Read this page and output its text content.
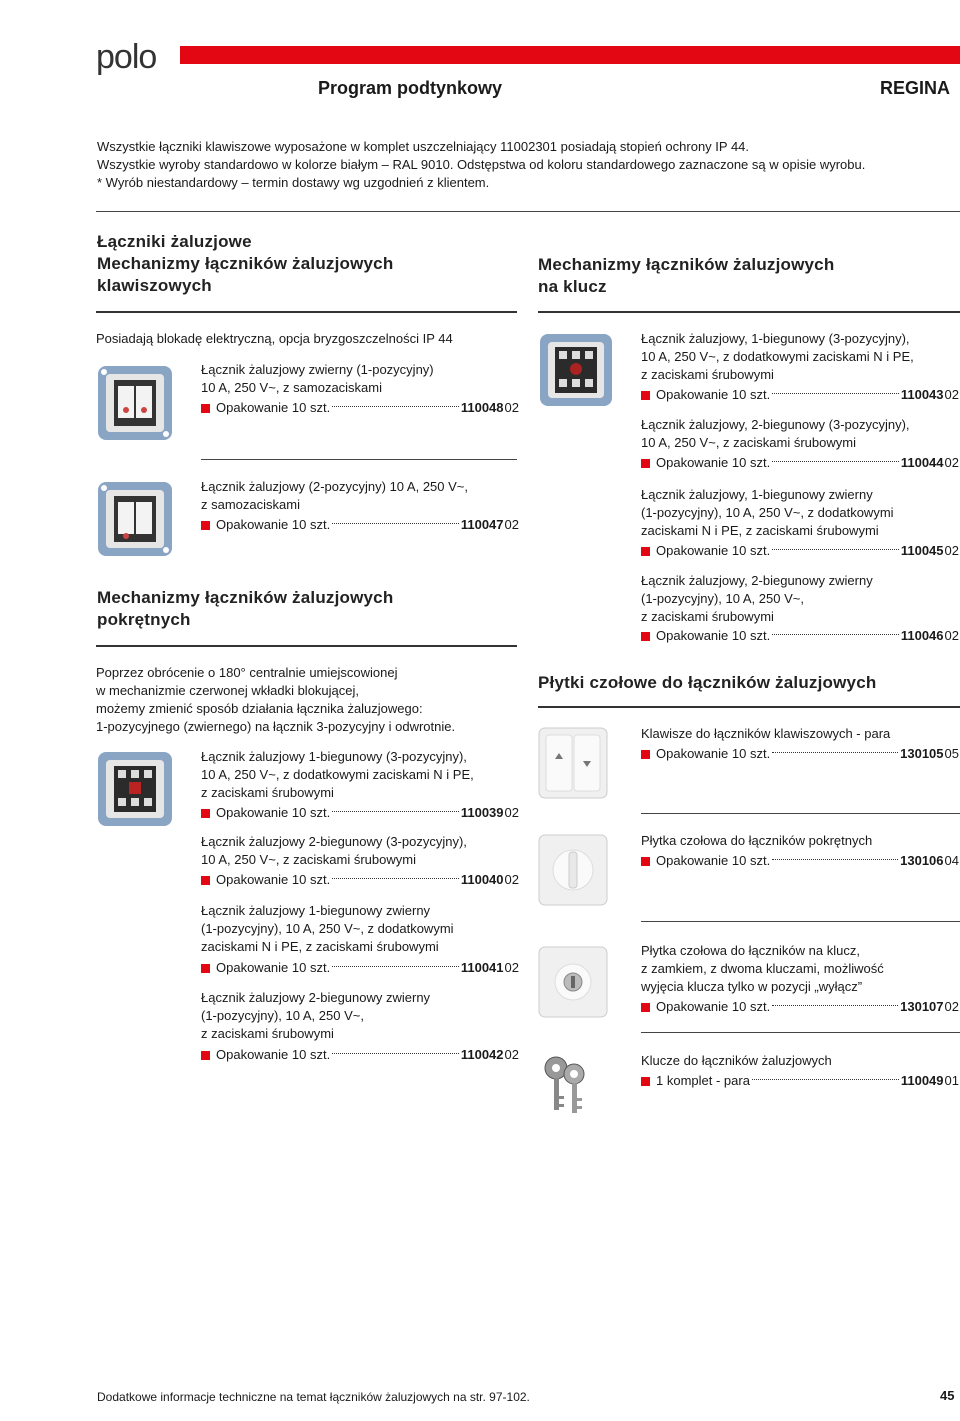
polo
Program podtynkowy	REGINA
Wszystkie łączniki klawiszowe wyposażone w komplet uszczelniający 11002301 posiadają stopień ochrony IP 44.
Wszystkie wyroby standardowo w kolorze białym – RAL 9010. Odstępstwa od koloru standardowego zaznaczone są w opisie wyrobu.
* Wyrób niestandardowy – termin dostawy wg uzgodnień z klientem.
Łączniki żaluzjowe
Mechanizmy łączników żaluzjowych
klawiszowych
Posiadają blokadę elektryczną, opcja bryzgoszczelności IP 44
Łącznik żaluzjowy zwierny (1-pozycyjny)
10 A, 250 V~, z samozaciskami
Opakowanie 10 szt.	110048 02
Łącznik żaluzjowy (2-pozycyjny) 10 A, 250 V~,
z samozaciskami
Opakowanie 10 szt.	110047 02
Mechanizmy łączników żaluzjowych
pokrętnych
Poprzez obrócenie o 180° centralnie umiejscowionej
w mechanizmie czerwonej wkładki blokującej,
możemy zmienić sposób działania łącznika żaluzjowego:
1-pozycyjnego (zwiernego) na łącznik 3-pozycyjny i odwrotnie.
Łącznik żaluzjowy 1-biegunowy (3-pozycyjny),
10 A, 250 V~, z dodatkowymi zaciskami N i PE,
z zaciskami śrubowymi
Opakowanie 10 szt.	110039 02
Łącznik żaluzjowy 2-biegunowy (3-pozycyjny),
10 A, 250 V~, z zaciskami śrubowymi
Opakowanie 10 szt.	110040 02
Łącznik żaluzjowy 1-biegunowy zwierny
(1-pozycyjny), 10 A, 250 V~, z dodatkowymi
zaciskami N i PE, z zaciskami śrubowymi
Opakowanie 10 szt.	110041 02
Łącznik żaluzjowy 2-biegunowy zwierny
(1-pozycyjny), 10 A, 250 V~,
z zaciskami śrubowymi
Opakowanie 10 szt.	110042 02
Mechanizmy łączników żaluzjowych
na klucz
Łącznik żaluzjowy, 1-biegunowy (3-pozycyjny),
10 A, 250 V~, z dodatkowymi zaciskami N i PE,
z zaciskami śrubowymi
Opakowanie 10 szt.	110043 02
Łącznik żaluzjowy, 2-biegunowy (3-pozycyjny),
10 A, 250 V~, z zaciskami śrubowymi
Opakowanie 10 szt.	110044 02
Łącznik żaluzjowy, 1-biegunowy zwierny
(1-pozycyjny), 10 A, 250 V~, z dodatkowymi
zaciskami N i PE, z zaciskami śrubowymi
Opakowanie 10 szt.	110045 02
Łącznik żaluzjowy, 2-biegunowy zwierny
(1-pozycyjny), 10 A, 250 V~,
z zaciskami śrubowymi
Opakowanie 10 szt.	110046 02
Płytki czołowe do łączników żaluzjowych
Klawisze do łączników klawiszowych - para
Opakowanie 10 szt.	130105 05
Płytka czołowa do łączników pokrętnych
Opakowanie 10 szt.	130106 04
Płytka czołowa do łączników na klucz,
z zamkiem, z dwoma kluczami, możliwość
wyjęcia klucza tylko w pozycji „wyłącz”
Opakowanie 10 szt.	130107 02
Klucze do łączników żaluzjowych
1 komplet - para	110049 01
Dodatkowe informacje techniczne na temat łączników żaluzjowych na str. 97-102.	45
